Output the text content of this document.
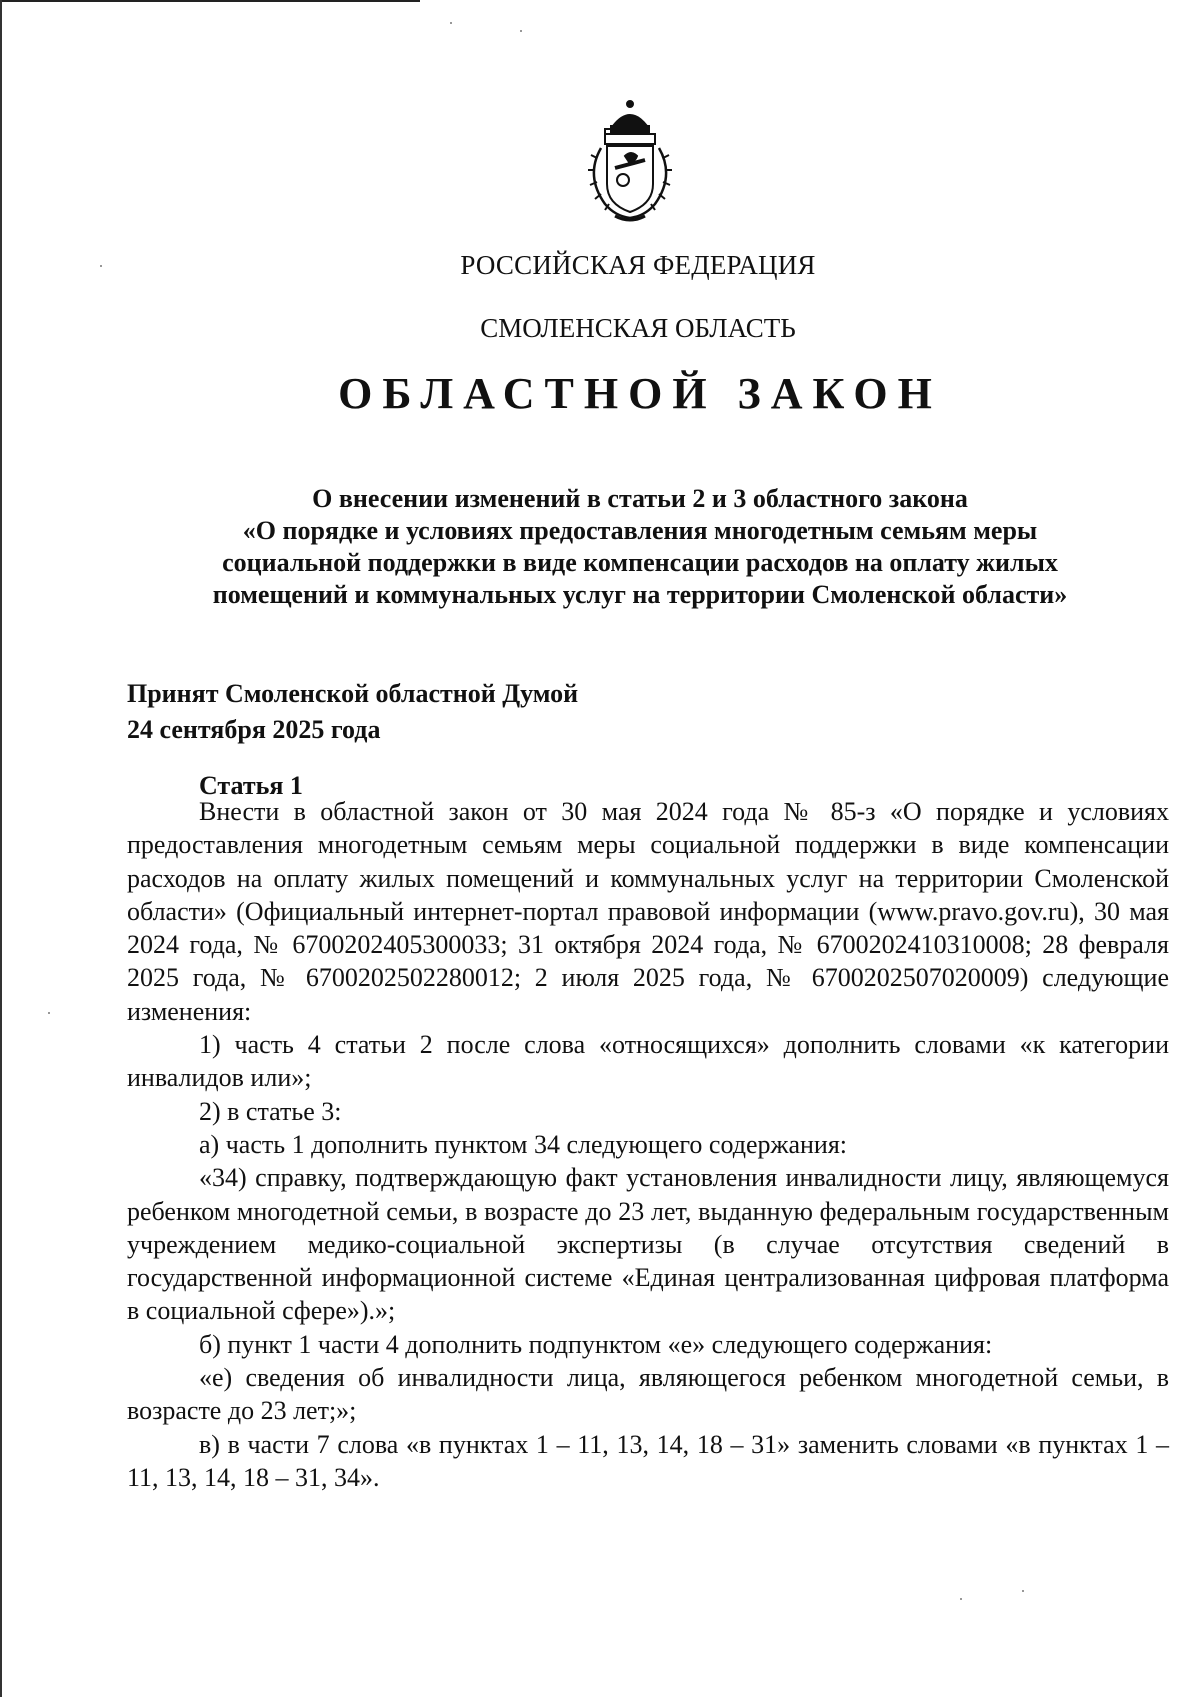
РОССИЙСКАЯ ФЕДЕРАЦИЯ
СМОЛЕНСКАЯ ОБЛАСТЬ
ОБЛАСТНОЙ ЗАКОН
О внесении изменений в статьи 2 и 3 областного закона
«О порядке и условиях предоставления многодетным семьям меры
социальной поддержки в виде компенсации расходов на оплату жилых
помещений и коммунальных услуг на территории Смоленской области»
Принят Смоленской областной Думой
24 сентября 2025 года
Статья 1

Внести в областной закон от 30 мая 2024 года № 85-з «О порядке и условиях предоставления многодетным семьям меры социальной поддержки в виде компенсации расходов на оплату жилых помещений и коммунальных услуг на территории Смоленской области» (Официальный интернет-портал правовой информации (www.pravo.gov.ru), 30 мая 2024 года, № 6700202405300033; 31 октября 2024 года, № 6700202410310008; 28 февраля 2025 года, № 6700202502280012; 2 июля 2025 года, № 6700202507020009) следующие изменения:

1) часть 4 статьи 2 после слова «относящихся» дополнить словами «к категории инвалидов или»;

2) в статье 3:

а) часть 1 дополнить пунктом 34 следующего содержания:

«34) справку, подтверждающую факт установления инвалидности лицу, являющемуся ребенком многодетной семьи, в возрасте до 23 лет, выданную федеральным государственным учреждением медико-социальной экспертизы (в случае отсутствия сведений в государственной информационной системе «Единая централизованная цифровая платформа в социальной сфере»).»;

б) пункт 1 части 4 дополнить подпунктом «е» следующего содержания:

«е) сведения об инвалидности лица, являющегося ребенком многодетной семьи, в возрасте до 23 лет;»;

в) в части 7 слова «в пунктах 1 – 11, 13, 14, 18 – 31» заменить словами «в пунктах 1 – 11, 13, 14, 18 – 31, 34».
